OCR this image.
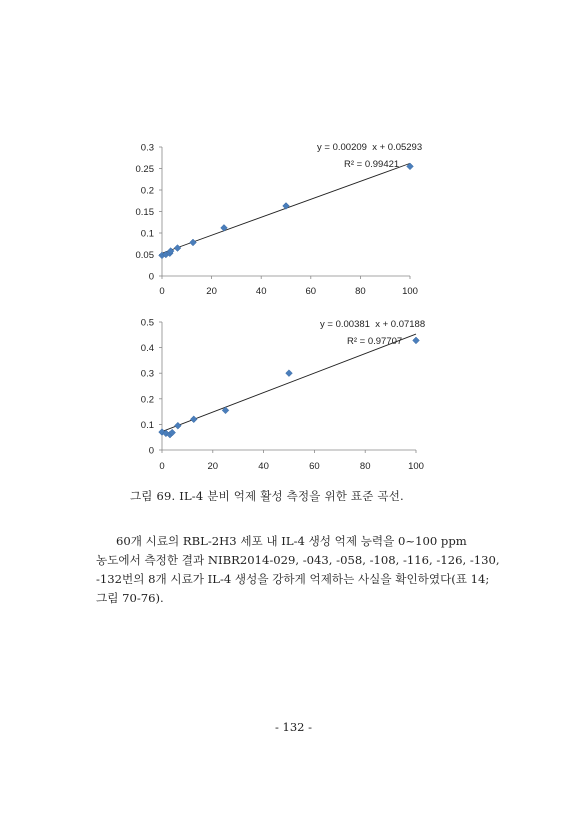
0
0.05
0.1
0.15
0.2
0.25
0.3
0	20	40	60	80	100
y = 0.00209  x + 0.05293
R² = 0.99421
0
0.1
0.2
0.3
0.4
0.5
0	20	40	60	80	100
y = 0.00381  x + 0.07188
R² = 0.97707
그림 69. IL-4 분비 억제 활성 측정을 위한 표준 곡선.
60개 시료의 RBL-2H3 세포 내 IL-4 생성 억제 능력을 0~100 ppm
농도에서 측정한 결과 NIBR2014-029, -043, -058, -108, -116, -126, -130,
-132번의 8개 시료가 IL-4 생성을 강하게 억제하는 사실을 확인하였다(표 14;
그림 70-76).
- 132 -
